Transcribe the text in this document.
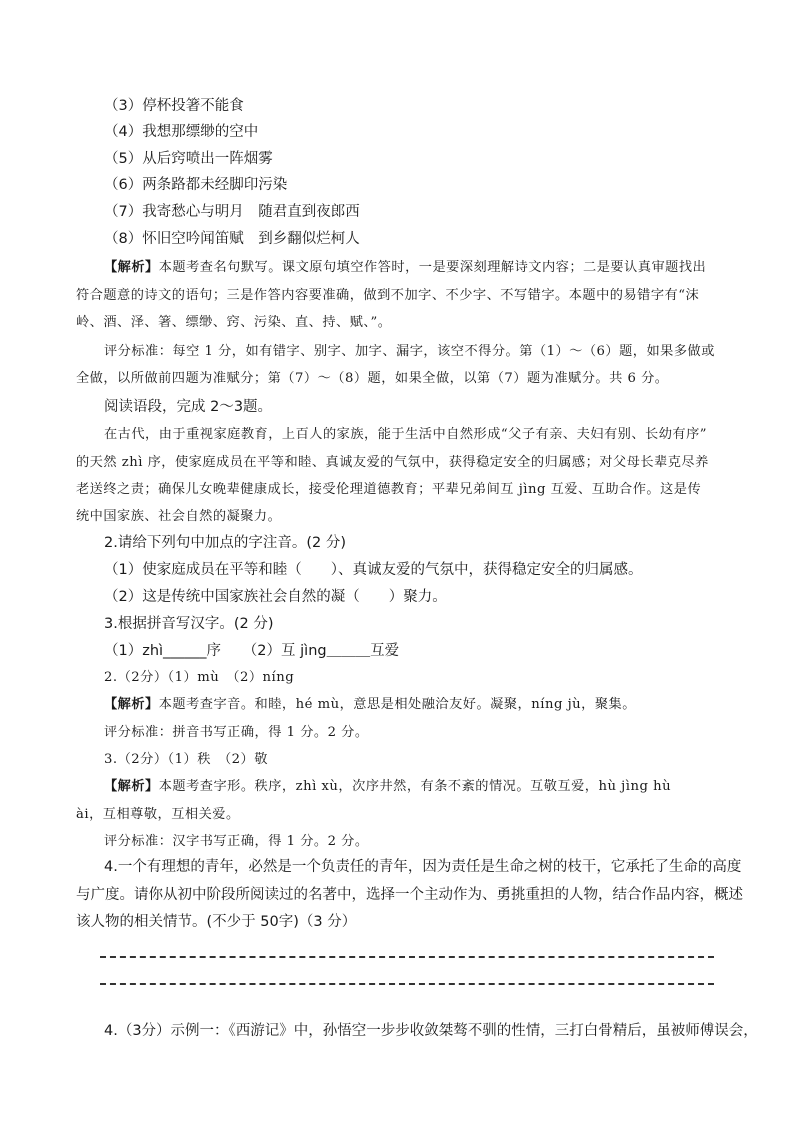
（3）停杯投箸不能食
（4）我想那缥缈的空中
（5）从后窍喷出一阵烟雾
（6）两条路都未经脚印污染
（7）我寄愁心与明月　随君直到夜郎西
（8）怀旧空吟闻笛赋　到乡翻似烂柯人
【解析】本题考查名句默写。课文原句填空作答时，一是要深刻理解诗文内容；二是要认真审题找出
符合题意的诗文的语句；三是作答内容要准确，做到不加字、不少字、不写错字。本题中的易错字有“沫
岭、酒、泽、箸、缥缈、窍、污染、直、持、赋、”。
评分标准：每空 1 分，如有错字、别字、加字、漏字，该空不得分。第（1）～（6）题，如果多做或
全做，以所做前四题为准赋分；第（7）～（8）题，如果全做，以第（7）题为准赋分。共 6 分。
阅读语段，完成 2～3题。
在古代，由于重视家庭教育，上百人的家族，能于生活中自然形成“父子有亲、夫妇有别、长幼有序”
的天然 zhì 序，使家庭成员在平等和睦、真诚友爱的气氛中，获得稳定安全的归属感；对父母长辈克尽养
老送终之责；确保儿女晚辈健康成长，接受伦理道德教育；平辈兄弟间互 jìng 互爱、互助合作。这是传
统中国家族、社会自然的凝聚力。
2.请给下列句中加点的字注音。(2 分)
（1）使家庭成员在平等和睦（　　）、真诚友爱的气氛中，获得稳定安全的归属感。
（2）这是传统中国家族社会自然的凝（　　）聚力。
3.根据拼音写汉字。(2 分)
（1）zhì______序　　（2）互 jìng＿＿＿互爱
2.（2分）（1）mù　（2）níng
【解析】本题考查字音。和睦，hé mù，意思是相处融洽友好。凝聚，níng jù，聚集。
评分标准：拼音书写正确，得 1 分。2 分。
3.（2分）（1）秩　（2）敬
【解析】本题考查字形。秩序，zhì xù，次序井然，有条不紊的情况。互敬互爱，hù jìng hù
ài，互相尊敬，互相关爱。
评分标准：汉字书写正确，得 1 分。2 分。
4.一个有理想的青年，必然是一个负责任的青年，因为责任是生命之树的枝干，它承托了生命的高度
与广度。请你从初中阶段所阅读过的名著中，选择一个主动作为、勇挑重担的人物，结合作品内容，概述
该人物的相关情节。(不少于 50字)（3 分）
4.（3分）示例一：《西游记》中，孙悟空一步步收敛桀骜不驯的性情，三打白骨精后，虽被师傅误会，
